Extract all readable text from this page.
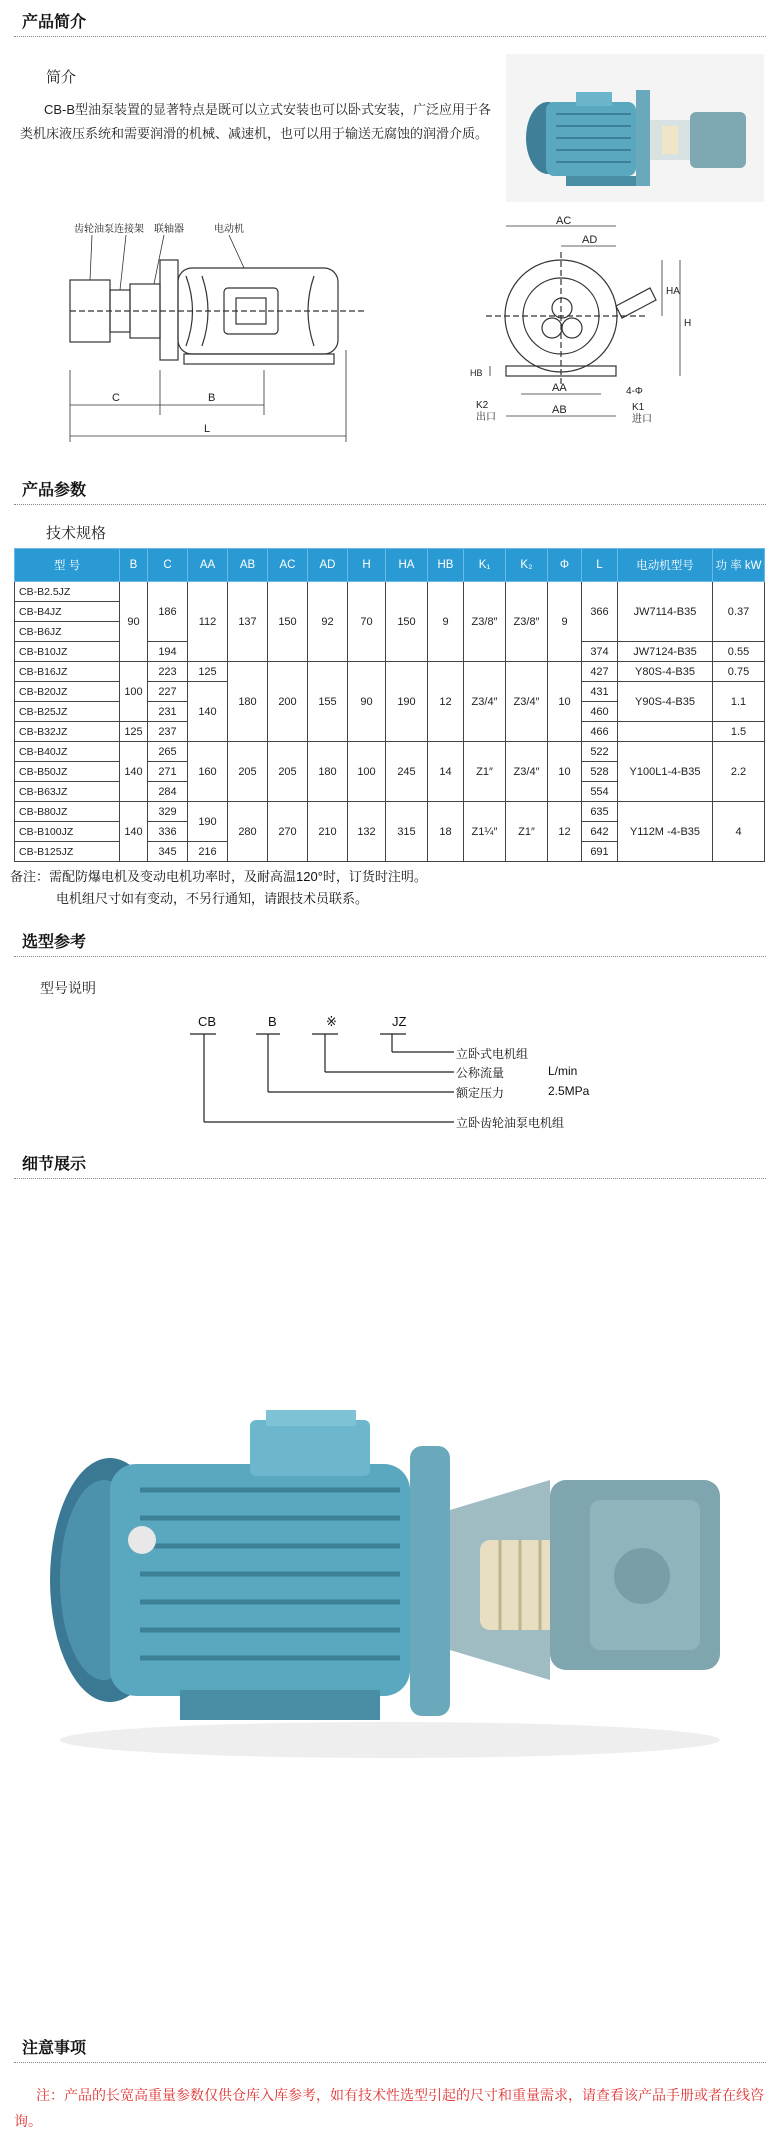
产品简介
简介
CB-B型油泵装置的显著特点是既可以立式安装也可以卧式安装，广泛应用于各类机床液压系统和需要润滑的机械、减速机，也可以用于输送无腐蚀的润滑介质。
齿轮油泵 连接架 联轴器	电动机
C	B
L
AC
AD
HA
H
HB
AA
AB
4-Φ
K2
出口
K1
进口
产品参数
技术规格
型 号	B	C	AA	AB	AC	AD	H	HA	HB	K₁	K₂	Φ	L	电动机型号	功 率 kW
CB-B2.5JZ	90	186	112	137	150	92	70	150	9	Z3/8″	Z3/8″	9	366	JW7114-B35	0.37
CB-B4JZ															
CB-B6JZ															
CB-B10JZ		194											374	JW7124-B35	0.55
CB-B16JZ	100	223	125	180	200	155	90	190	12	Z3/4″	Z3/4″	10	427	Y80S-4-B35	0.75
CB-B20JZ		227	140										431	Y90S-4-B35	1.1
CB-B25JZ		231											460		
CB-B32JZ	125	237											466		1.5
CB-B40JZ	140	265	160	205	205	180	100	245	14	Z1″	Z3/4″	10	522	Y100L1-4-B35	2.2
CB-B50JZ		271											528		
CB-B63JZ		284											554		
CB-B80JZ	140	329	190	280	270	210	132	315	18	Z1¼″	Z1″	12	635	Y112M -4-B35	4
CB-B100JZ		336											642		
CB-B125JZ		345	216										691		
备注：需配防爆电机及变动电机功率时，及耐高温120°时，订货时注明。
电机组尺寸如有变动，不另行通知，请跟技术员联系。
选型参考
型号说明
CB	B	※	JZ
立卧式电机组
公称流量	L/min
额定压力	2.5MPa
立卧齿轮油泵电机组
细节展示
注意事项
注：产品的长宽高重量参数仅供仓库入库参考，如有技术性选型引起的尺寸和重量需求，请查看该产品手册或者在线咨询。
